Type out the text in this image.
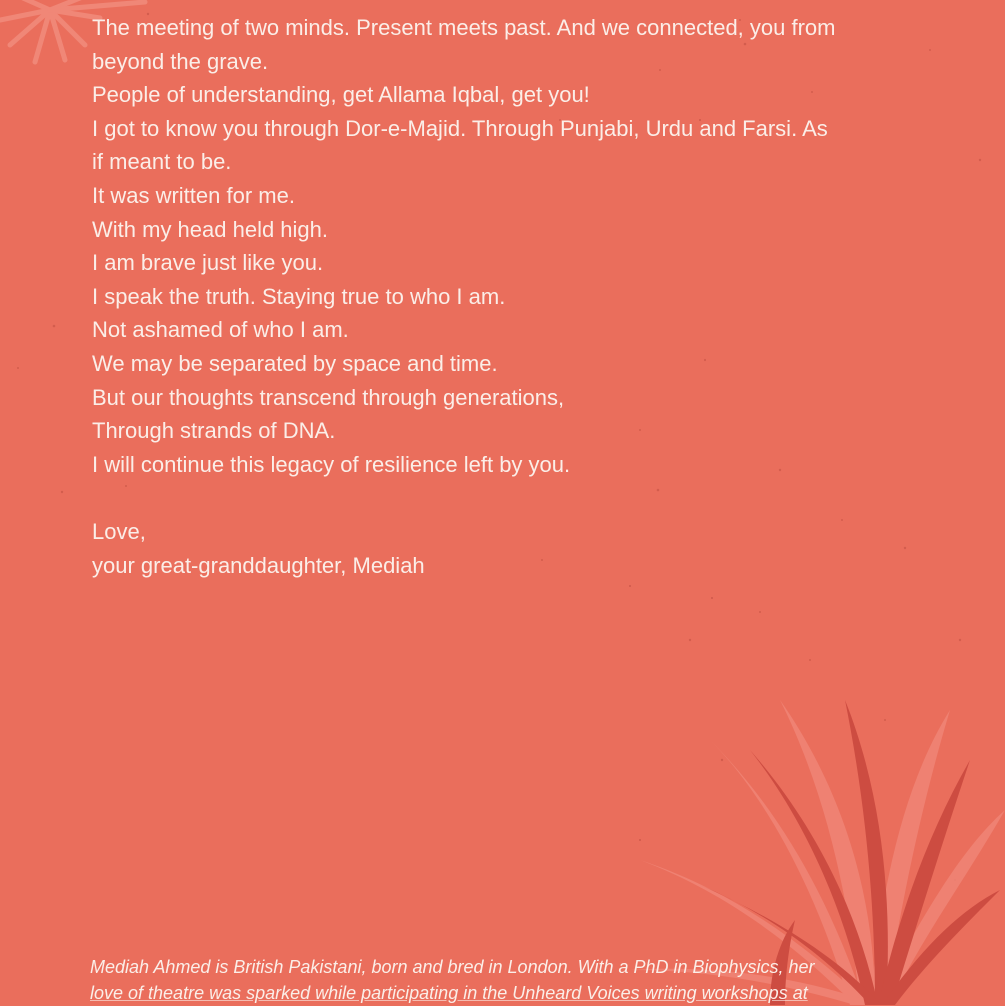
The meeting of two minds. Present meets past. And we connected, you from

beyond the grave.

People of understanding, get Allama Iqbal, get you!

I got to know you through Dor-e-Majid. Through Punjabi, Urdu and Farsi. As

if meant to be.

It was written for me.

With my head held high.

I am brave just like you.

I speak the truth. Staying true to who I am.

Not ashamed of who I am.

We may be separated by space and time.

But our thoughts transcend through generations,

Through strands of DNA.

I will continue this legacy of resilience left by you.

Love,

your great-granddaughter, Mediah

Mediah Ahmed is British Pakistani, born and bred in London. With a PhD in Biophysics, her

love of theatre was sparked while participating in the Unheard Voices writing workshops at
